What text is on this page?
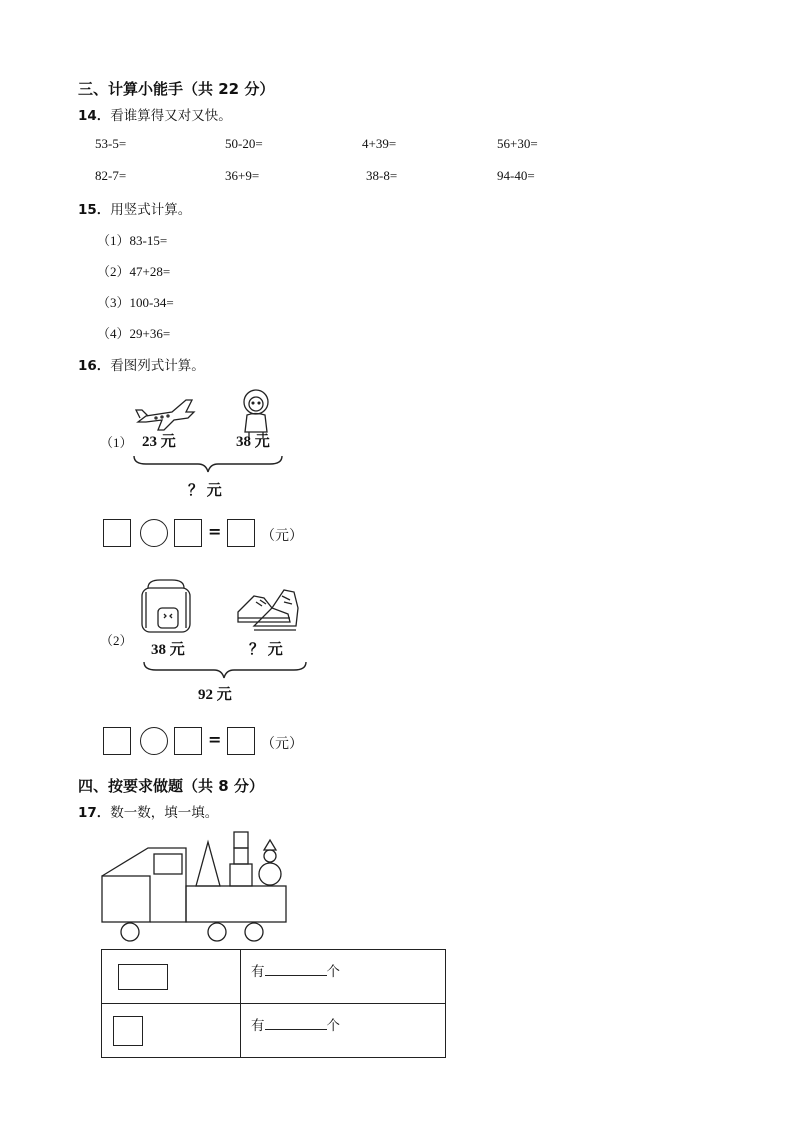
三、计算小能手（共 22 分）
14．看谁算得又对又快。
53-5=	50-20=	4+39=	56+30=
82-7=	36+9=	38-8=	94-40=
15．用竖式计算。
（1）83-15=
（2）47+28=
（3）100-34=
（4）29+36=
16．看图列式计算。
（1） 23 元	38 元
？ 元
=	（元）
（2）
38 元	？ 元
92 元
=	（元）
四、按要求做题（共 8 分）
17．数一数，填一填。
	有 个

	有 个
